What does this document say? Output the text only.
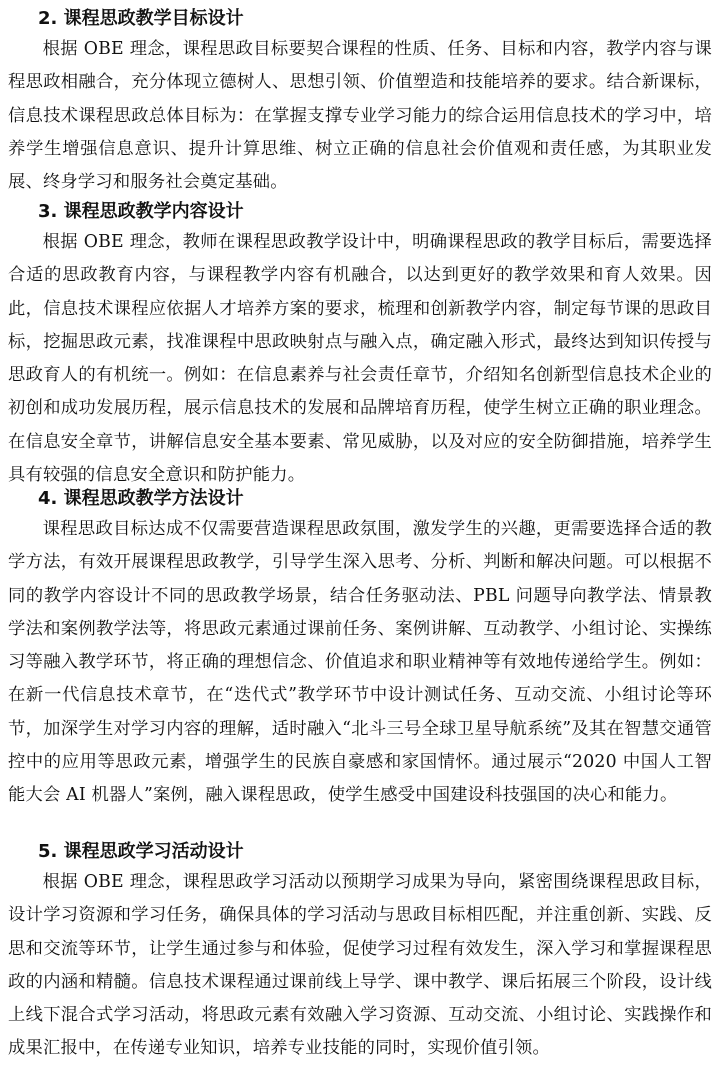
2. 课程思政教学目标设计

根据 OBE 理念，课程思政目标要契合课程的性质、任务、目标和内容，教学内容与课程思政相融合，充分体现立德树人、思想引领、价值塑造和技能培养的要求。结合新课标，信息技术课程思政总体目标为：在掌握支撑专业学习能力的综合运用信息技术的学习中，培养学生增强信息意识、提升计算思维、树立正确的信息社会价值观和责任感，为其职业发展、终身学习和服务社会奠定基础。

3. 课程思政教学内容设计

根据 OBE 理念，教师在课程思政教学设计中，明确课程思政的教学目标后，需要选择合适的思政教育内容，与课程教学内容有机融合，以达到更好的教学效果和育人效果。因此，信息技术课程应依据人才培养方案的要求，梳理和创新教学内容，制定每节课的思政目标，挖掘思政元素，找准课程中思政映射点与融入点，确定融入形式，最终达到知识传授与思政育人的有机统一。例如：在信息素养与社会责任章节，介绍知名创新型信息技术企业的初创和成功发展历程，展示信息技术的发展和品牌培育历程，使学生树立正确的职业理念。在信息安全章节，讲解信息安全基本要素、常见威胁，以及对应的安全防御措施，培养学生具有较强的信息安全意识和防护能力。

4. 课程思政教学方法设计

课程思政目标达成不仅需要营造课程思政氛围，激发学生的兴趣，更需要选择合适的教学方法，有效开展课程思政教学，引导学生深入思考、分析、判断和解决问题。可以根据不同的教学内容设计不同的思政教学场景，结合任务驱动法、PBL 问题导向教学法、情景教学法和案例教学法等，将思政元素通过课前任务、案例讲解、互动教学、小组讨论、实操练习等融入教学环节，将正确的理想信念、价值追求和职业精神等有效地传递给学生。例如：在新一代信息技术章节，在“迭代式”教学环节中设计测试任务、互动交流、小组讨论等环节，加深学生对学习内容的理解，适时融入“北斗三号全球卫星导航系统”及其在智慧交通管控中的应用等思政元素，增强学生的民族自豪感和家国情怀。通过展示“2020 中国人工智能大会 AI 机器人”案例，融入课程思政，使学生感受中国建设科技强国的决心和能力。

5. 课程思政学习活动设计

根据 OBE 理念，课程思政学习活动以预期学习成果为导向，紧密围绕课程思政目标，设计学习资源和学习任务，确保具体的学习活动与思政目标相匹配，并注重创新、实践、反思和交流等环节，让学生通过参与和体验，促使学习过程有效发生，深入学习和掌握课程思政的内涵和精髓。信息技术课程通过课前线上导学、课中教学、课后拓展三个阶段，设计线上线下混合式学习活动，将思政元素有效融入学习资源、互动交流、小组讨论、实践操作和成果汇报中，在传递专业知识，培养专业技能的同时，实现价值引领。
